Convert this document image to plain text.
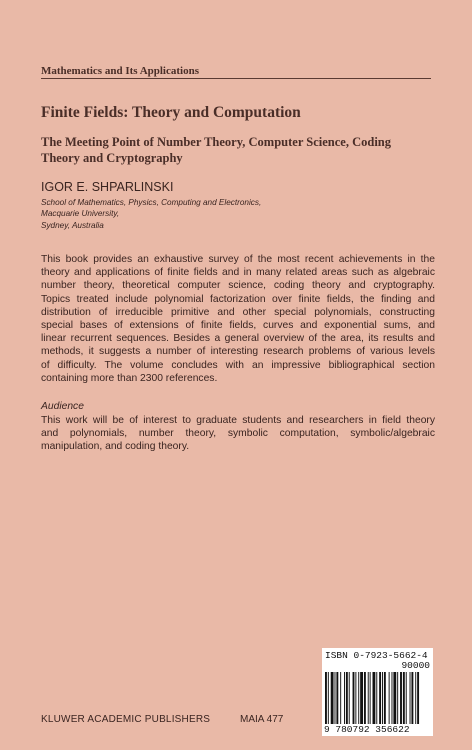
Mathematics and Its Applications
Finite Fields: Theory and Computation
The Meeting Point of Number Theory, Computer Science, Coding
Theory and Cryptography
IGOR E. SHPARLINSKI
School of Mathematics, Physics, Computing and Electronics,
Macquarie University,
Sydney, Australia
This book provides an exhaustive survey of the most recent achievements in the
theory and applications of finite fields and in many related areas such as algebraic
number theory, theoretical computer science, coding theory and cryptography.
Topics treated include polynomial factorization over finite fields, the finding and
distribution of irreducible primitive and other special polynomials, constructing
special bases of extensions of finite fields, curves and exponential sums, and
linear recurrent sequences. Besides a general overview of the area, its results and
methods, it suggests a number of interesting research problems of various levels
of difficulty. The volume concludes with an impressive bibliographical section
containing more than 2300 references.
Audience
This work will be of interest to graduate students and researchers in field theory
and polynomials, number theory, symbolic computation, symbolic/algebraic
manipulation, and coding theory.
ISBN 0-7923-5662-4
90000
9 780792 356622
KLUWER ACADEMIC PUBLISHERS	MAIA 477
